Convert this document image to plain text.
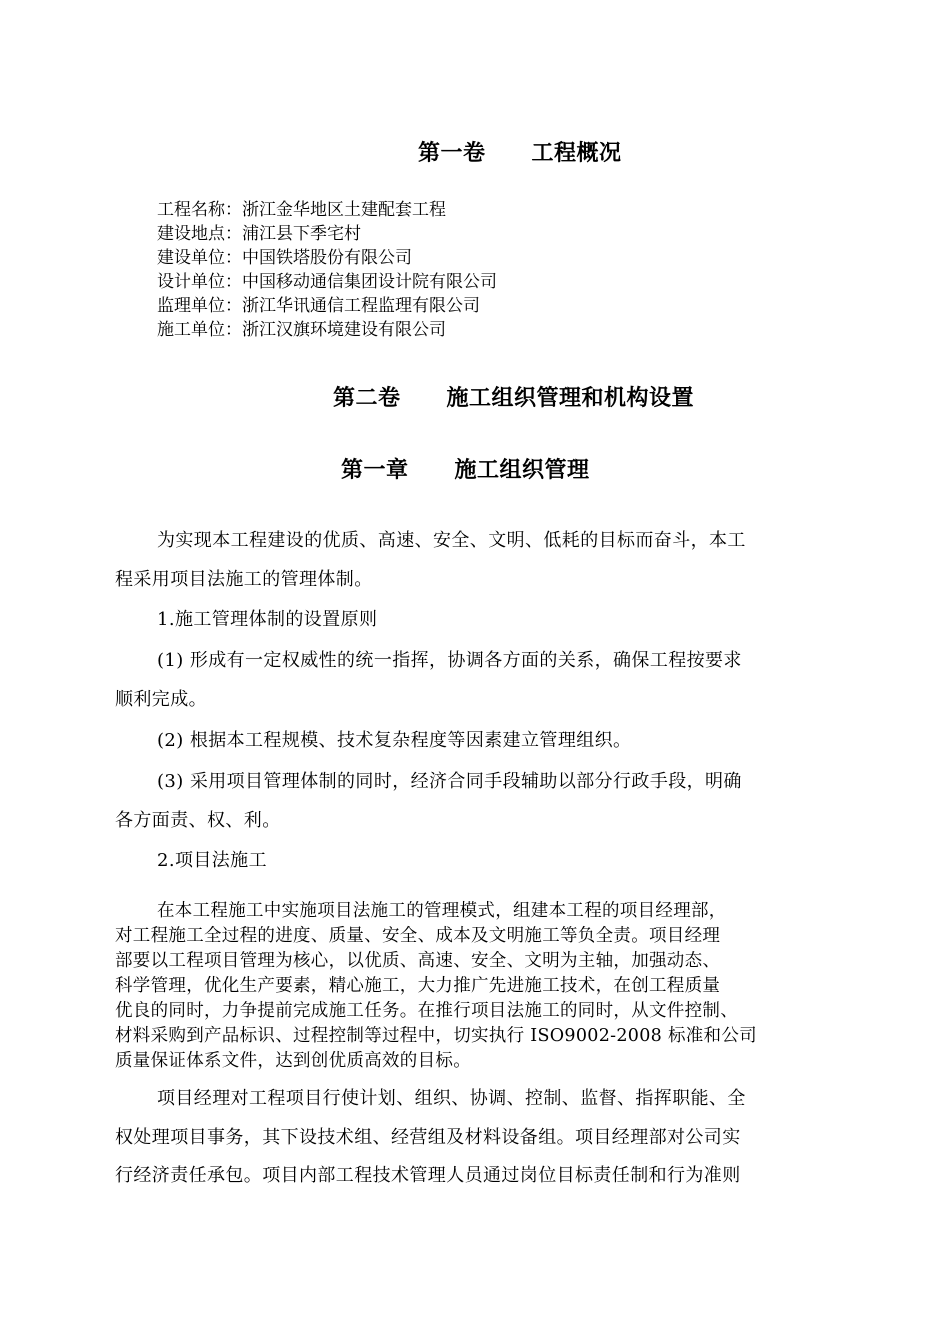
第一卷 工程概况
工程名称：浙江金华地区土建配套工程
建设地点：浦江县下季宅村
建设单位：中国铁塔股份有限公司
设计单位：中国移动通信集团设计院有限公司
监理单位：浙江华讯通信工程监理有限公司
施工单位：浙江汉旗环境建设有限公司
第二卷 施工组织管理和机构设置
第一章 施工组织管理
为实现本工程建设的优质、高速、安全、文明、低耗的目标而奋斗，本工
程采用项目法施工的管理体制。
1.施工管理体制的设置原则
(1) 形成有一定权威性的统一指挥，协调各方面的关系，确保工程按要求
顺利完成。
(2) 根据本工程规模、技术复杂程度等因素建立管理组织。
(3) 采用项目管理体制的同时，经济合同手段辅助以部分行政手段，明确
各方面责、权、利。
2.项目法施工
在本工程施工中实施项目法施工的管理模式，组建本工程的项目经理部，
对工程施工全过程的进度、质量、安全、成本及文明施工等负全责。项目经理
部要以工程项目管理为核心，以优质、高速、安全、文明为主轴，加强动态、
科学管理，优化生产要素，精心施工，大力推广先进施工技术，在创工程质量
优良的同时，力争提前完成施工任务。在推行项目法施工的同时，从文件控制、
材料采购到产品标识、过程控制等过程中，切实执行 ISO9002-2008 标准和公司
质量保证体系文件，达到创优质高效的目标。
项目经理对工程项目行使计划、组织、协调、控制、监督、指挥职能、全
权处理项目事务，其下设技术组、经营组及材料设备组。项目经理部对公司实
行经济责任承包。项目内部工程技术管理人员通过岗位目标责任制和行为准则
